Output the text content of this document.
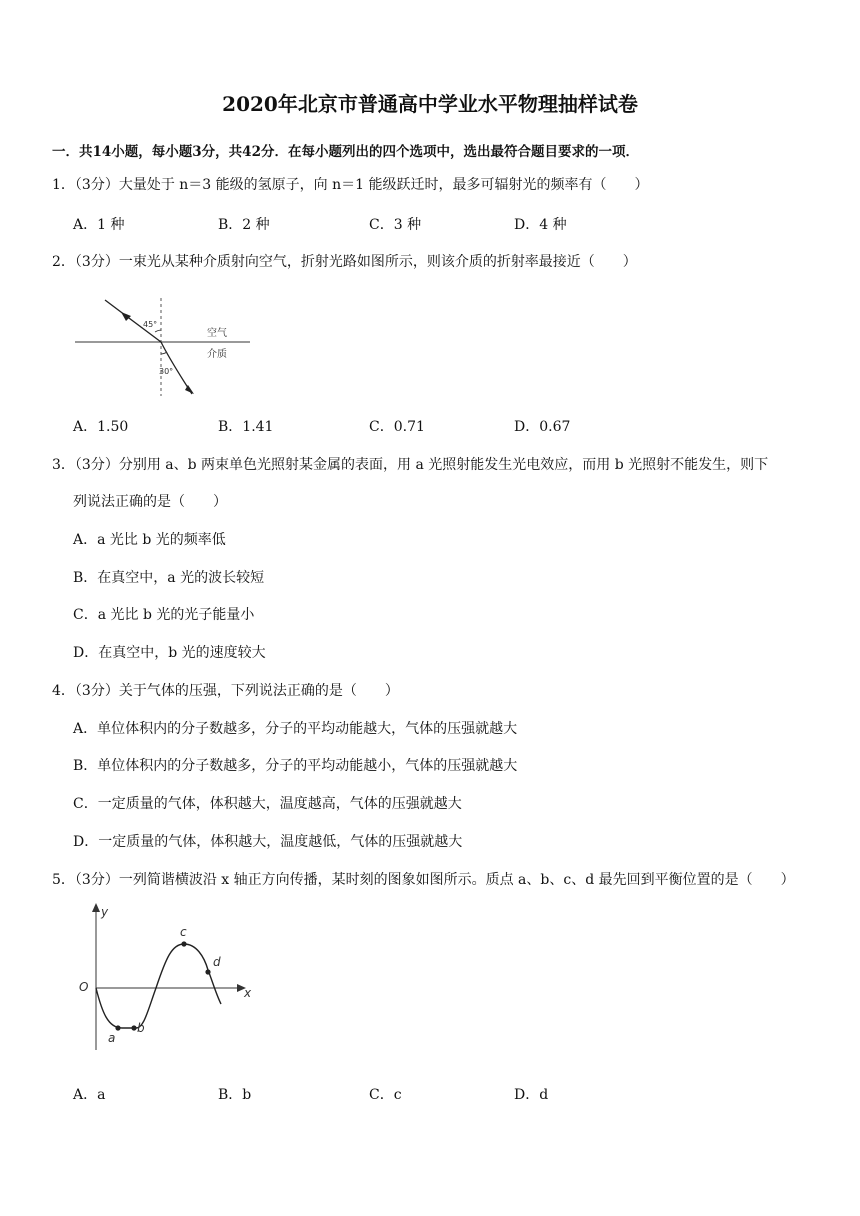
2020年北京市普通高中学业水平物理抽样试卷
一．共14小题，每小题3分，共42分．在每小题列出的四个选项中，选出最符合题目要求的一项．
1．（3分）大量处于 n＝3 能级的氢原子，向 n＝1 能级跃迁时，最多可辐射光的频率有（　　）
A．1 种	B．2 种	C．3 种	D．4 种
2．（3分）一束光从某种介质射向空气，折射光路如图所示，则该介质的折射率最接近（　　）
45°
30°
空气
介质
A．1.50	B．1.41	C．0.71	D．0.67
3．（3分）分别用 a、b 两束单色光照射某金属的表面，用 a 光照射能发生光电效应，而用 b 光照射不能发生，则下
列说法正确的是（　　）
A．a 光比 b 光的频率低
B．在真空中，a 光的波长较短
C．a 光比 b 光的光子能量小
D．在真空中，b 光的速度较大
4．（3分）关于气体的压强，下列说法正确的是（　　）
A．单位体积内的分子数越多，分子的平均动能越大，气体的压强就越大
B．单位体积内的分子数越多，分子的平均动能越小，气体的压强就越大
C．一定质量的气体，体积越大，温度越高，气体的压强就越大
D．一定质量的气体，体积越大，温度越低，气体的压强就越大
5．（3分）一列简谐横波沿 x 轴正方向传播，某时刻的图象如图所示。质点 a、b、c、d 最先回到平衡位置的是（　　）
y
x
O
a
b
c
d
A．a	B．b	C．c	D．d
